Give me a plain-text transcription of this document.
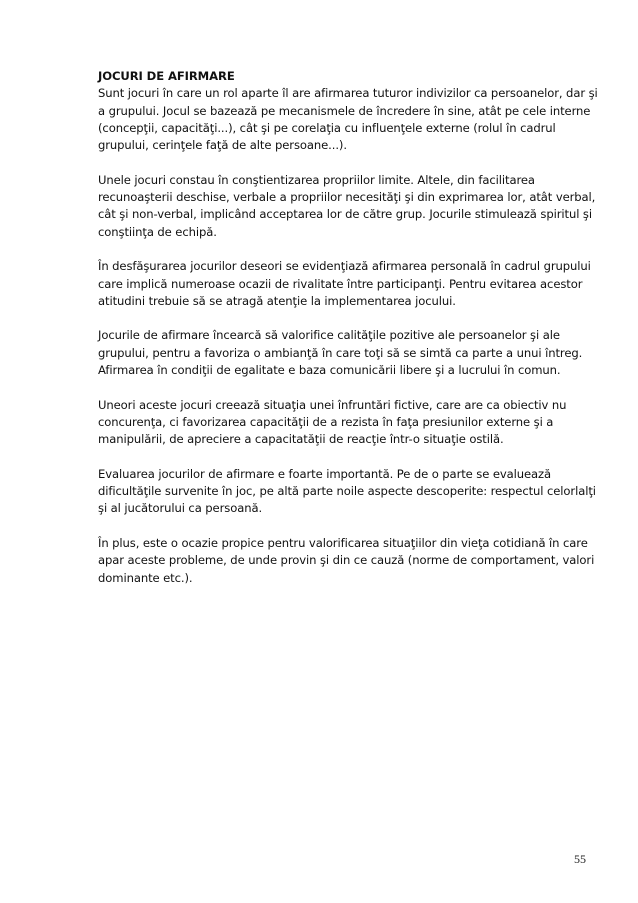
JOCURI DE AFIRMARE

Sunt jocuri în care un rol aparte îl are afirmarea tuturor indivizilor ca persoanelor, dar şi a grupului. Jocul se bazează pe mecanismele de încredere în sine, atât pe cele interne (concepţii, capacităţi...), cât şi pe corelaţia cu influenţele externe (rolul în cadrul grupului, cerinţele faţă de alte persoane...).

Unele jocuri constau în conştientizarea propriilor limite. Altele, din facilitarea recunoaşterii deschise, verbale a propriilor necesităţi şi din exprimarea lor, atât verbal, cât şi non-verbal, implicând acceptarea lor de către grup. Jocurile stimulează spiritul şi conştiinţa de echipă.

În desfăşurarea jocurilor deseori se evidenţiază afirmarea personală în cadrul grupului care implică numeroase ocazii de rivalitate între participanţi. Pentru evitarea acestor atitudini trebuie să se atragă atenţie la implementarea jocului.

Jocurile de afirmare încearcă să valorifice calităţile pozitive ale persoanelor şi ale grupului, pentru a favoriza o ambianţă în care toţi să se simtă ca parte a unui întreg. Afirmarea în condiţii de egalitate e baza comunicării libere şi a lucrului în comun.

Uneori aceste jocuri creează situaţia unei înfruntări fictive, care are ca obiectiv nu concurenţa, ci favorizarea capacităţii de a rezista în faţa presiunilor externe şi a manipulării, de apreciere a capacitatăţii de reacţie într-o situaţie ostilă.

Evaluarea jocurilor de afirmare e foarte importantă. Pe de o parte se evaluează dificultăţile survenite în joc, pe altă parte noile aspecte descoperite: respectul celorlalţi şi al jucătorului ca persoană.

În plus, este o ocazie propice pentru valorificarea situaţiilor din vieţa cotidiană în care apar aceste probleme, de unde provin şi din ce cauză (norme de comportament, valori dominante etc.).

55
